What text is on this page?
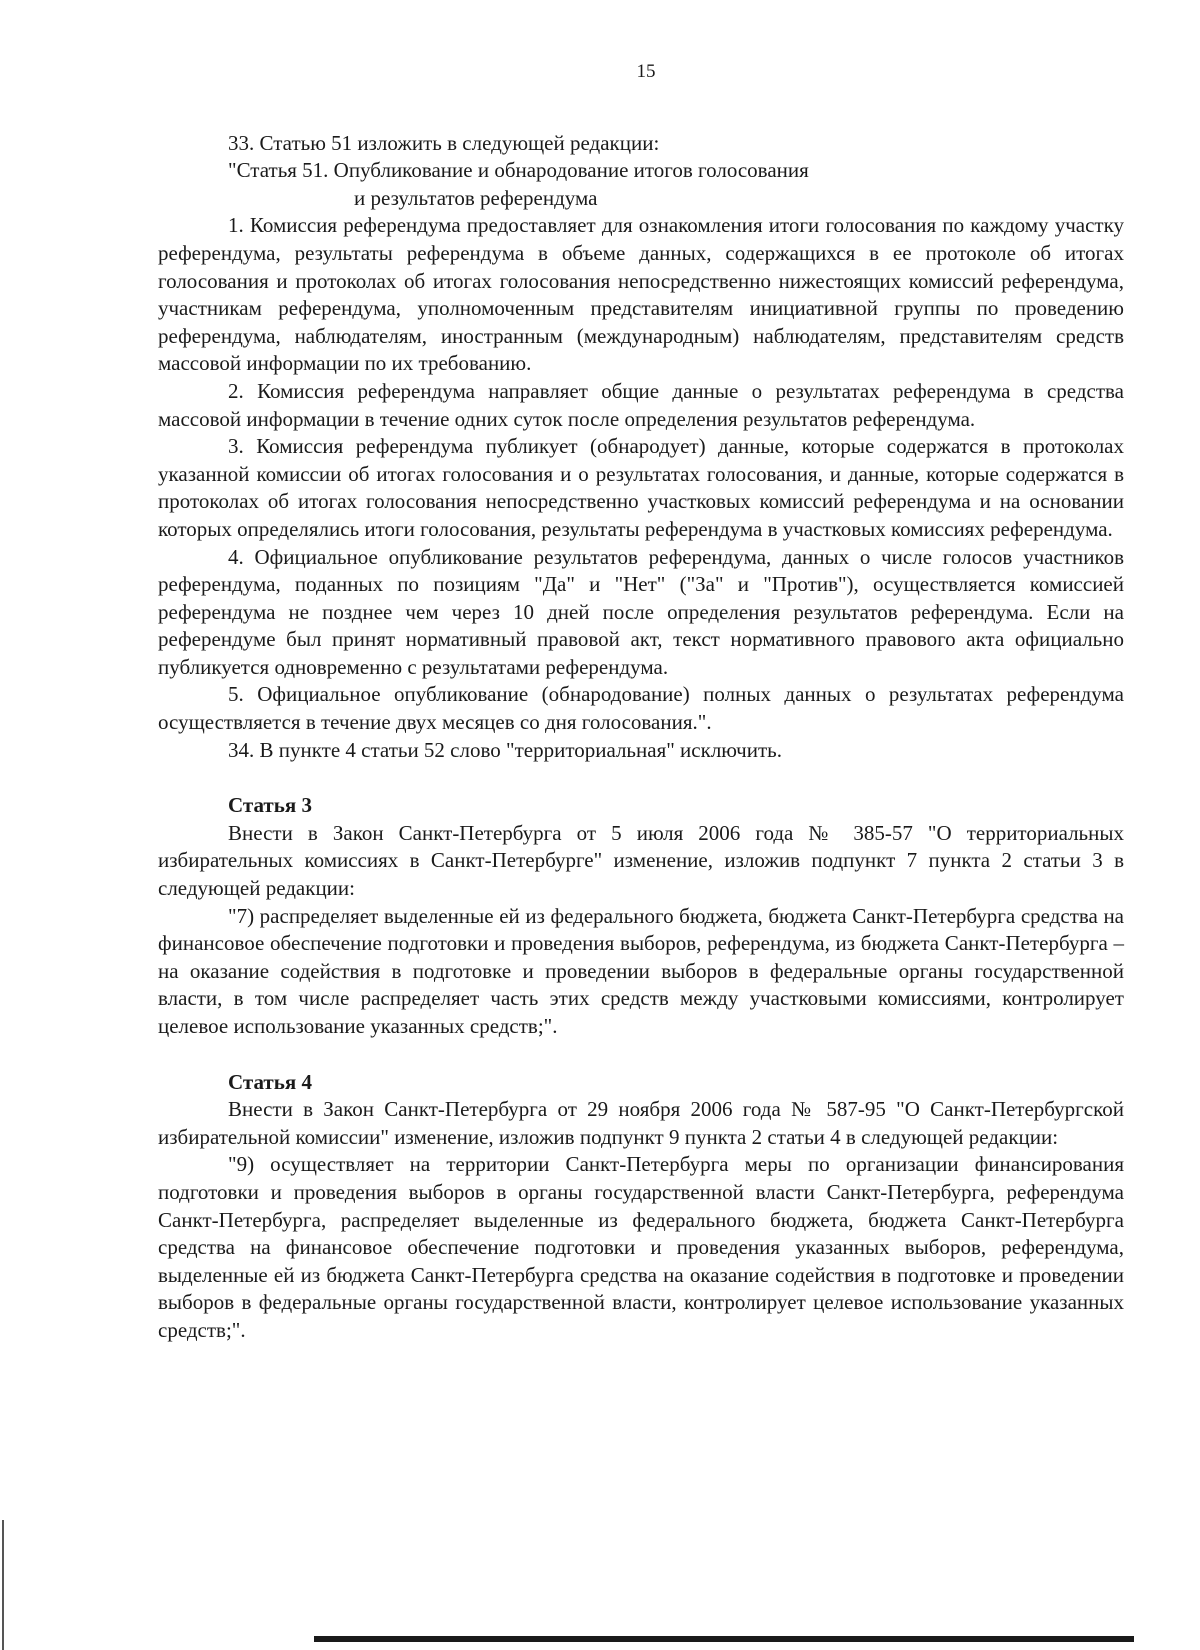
15

33. Статью 51 изложить в следующей редакции:

"Статья 51. Опубликование и обнародование итогов голосования

и результатов референдума

1. Комиссия референдума предоставляет для ознакомления итоги голосования по каждому участку референдума, результаты референдума в объеме данных, содержащихся в ее протоколе об итогах голосования и протоколах об итогах голосования непосредственно нижестоящих комиссий референдума, участникам референдума, уполномоченным представителям инициативной группы по проведению референдума, наблюдателям, иностранным (международным) наблюдателям, представителям средств массовой информации по их требованию.

2. Комиссия референдума направляет общие данные о результатах референдума в средства массовой информации в течение одних суток после определения результатов референдума.

3. Комиссия референдума публикует (обнародует) данные, которые содержатся в протоколах указанной комиссии об итогах голосования и о результатах голосования, и данные, которые содержатся в протоколах об итогах голосования непосредственно участковых комиссий референдума и на основании которых определялись итоги голосования, результаты референдума в участковых комиссиях референдума.

4. Официальное опубликование результатов референдума, данных о числе голосов участников референдума, поданных по позициям "Да" и "Нет" ("За" и "Против"), осуществляется комиссией референдума не позднее чем через 10 дней после определения результатов референдума. Если на референдуме был принят нормативный правовой акт, текст нормативного правового акта официально публикуется одновременно с результатами референдума.

5. Официальное опубликование (обнародование) полных данных о результатах референдума осуществляется в течение двух месяцев со дня голосования.".

34. В пункте 4 статьи 52 слово "территориальная" исключить.

Статья 3

Внести в Закон Санкт-Петербурга от 5 июля 2006 года № 385-57 "О территориальных избирательных комиссиях в Санкт-Петербурге" изменение, изложив подпункт 7 пункта 2 статьи 3 в следующей редакции:

"7) распределяет выделенные ей из федерального бюджета, бюджета Санкт-Петербурга средства на финансовое обеспечение подготовки и проведения выборов, референдума, из бюджета Санкт-Петербурга – на оказание содействия в подготовке и проведении выборов в федеральные органы государственной власти, в том числе распределяет часть этих средств между участковыми комиссиями, контролирует целевое использование указанных средств;".

Статья 4

Внести в Закон Санкт-Петербурга от 29 ноября 2006 года № 587-95 "О Санкт-Петербургской избирательной комиссии" изменение, изложив подпункт 9 пункта 2 статьи 4 в следующей редакции:

"9) осуществляет на территории Санкт-Петербурга меры по организации финансирования подготовки и проведения выборов в органы государственной власти Санкт-Петербурга, референдума Санкт-Петербурга, распределяет выделенные из федерального бюджета, бюджета Санкт-Петербурга средства на финансовое обеспечение подготовки и проведения указанных выборов, референдума, выделенные ей из бюджета Санкт-Петербурга средства на оказание содействия в подготовке и проведении выборов в федеральные органы государственной власти, контролирует целевое использование указанных средств;".
